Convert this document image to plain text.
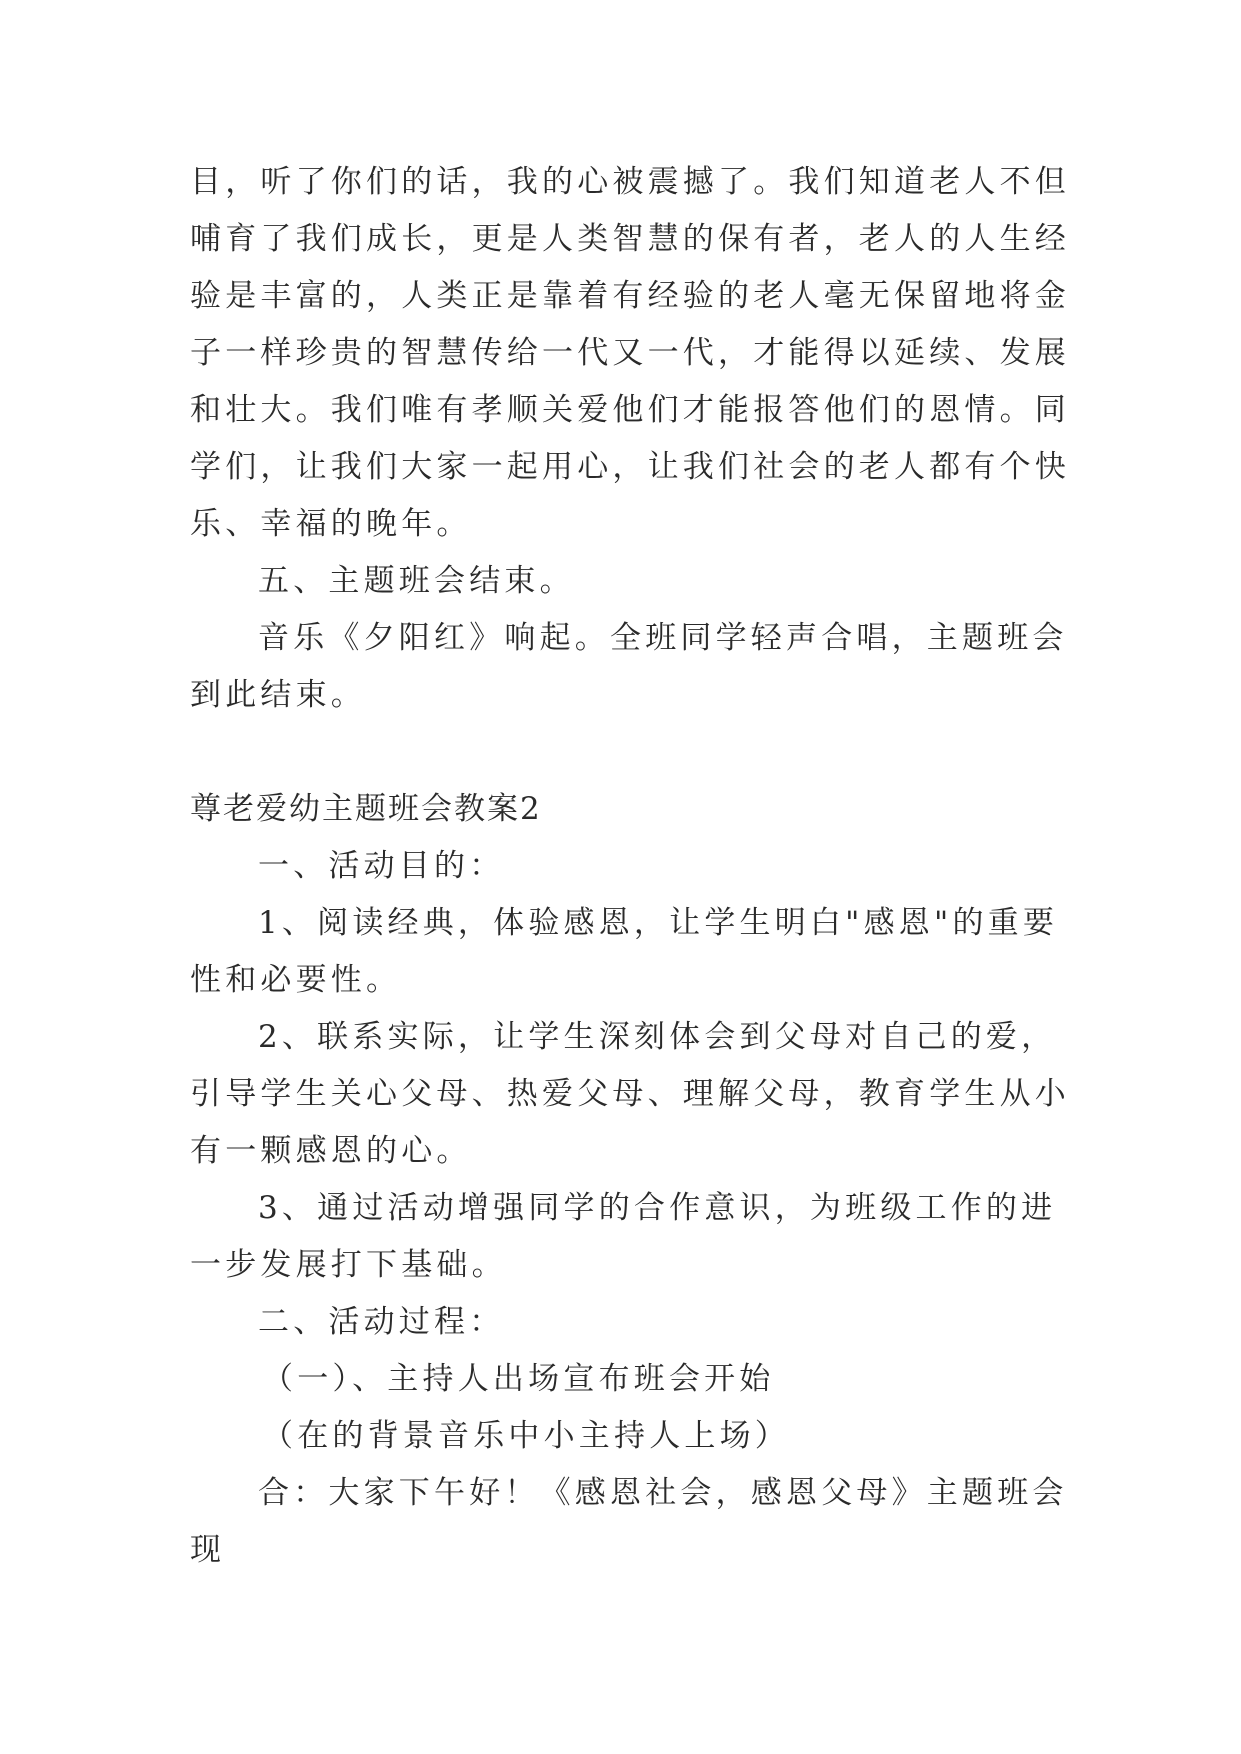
目，听了你们的话，我的心被震撼了。我们知道老人不但哺育了我们成长，更是人类智慧的保有者，老人的人生经验是丰富的，人类正是靠着有经验的老人毫无保留地将金子一样珍贵的智慧传给一代又一代，才能得以延续、发展和壮大。我们唯有孝顺关爱他们才能报答他们的恩情。同学们，让我们大家一起用心，让我们社会的老人都有个快乐、幸福的晚年。

五、主题班会结束。

音乐《夕阳红》响起。全班同学轻声合唱，主题班会到此结束。

尊老爱幼主题班会教案2

一、活动目的：

1、阅读经典，体验感恩，让学生明白"感恩"的重要性和必要性。

2、联系实际，让学生深刻体会到父母对自己的爱，引导学生关心父母、热爱父母、理解父母，教育学生从小有一颗感恩的心。

3、通过活动增强同学的合作意识，为班级工作的进一步发展打下基础。

二、活动过程：

（一）、主持人出场宣布班会开始

（在的背景音乐中小主持人上场）

合：大家下午好！《感恩社会，感恩父母》主题班会现
